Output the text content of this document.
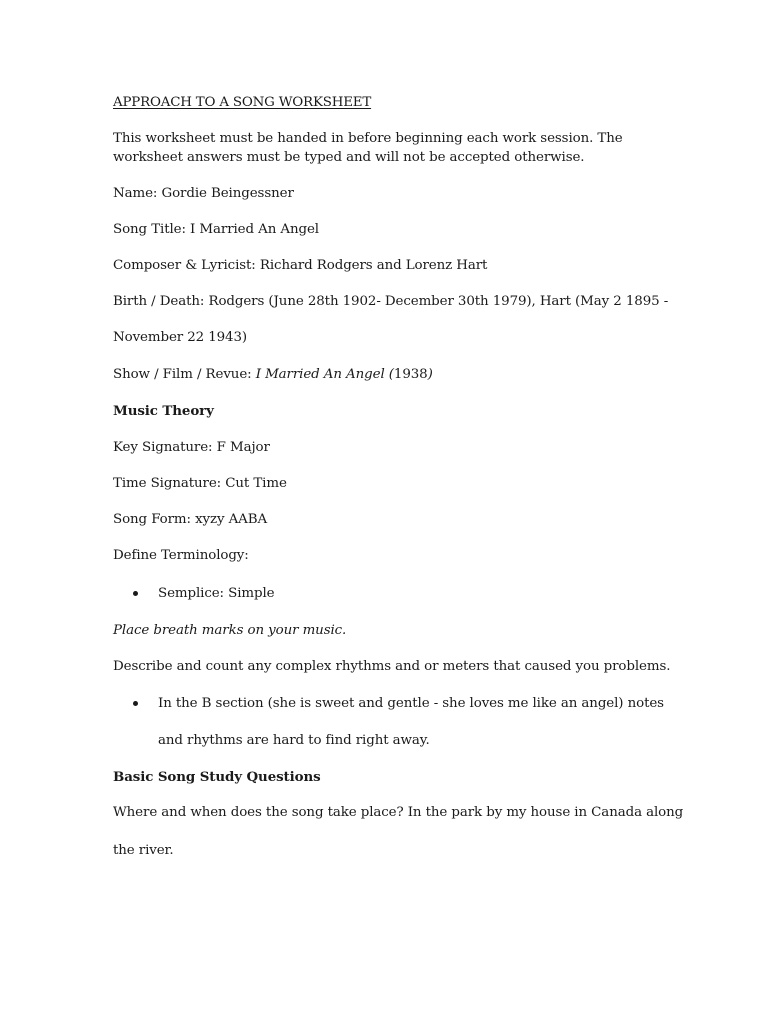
APPROACH TO A SONG WORKSHEET
This worksheet must be handed in before beginning each work session. The
worksheet answers must be typed and will not be accepted otherwise.
Name: Gordie Beingessner
Song Title: I Married An Angel
Composer & Lyricist: Richard Rodgers and Lorenz Hart
Birth / Death: Rodgers (June 28th 1902- December 30th 1979), Hart (May 2 1895 -
November 22 1943)
Show / Film / Revue: I Married An Angel (1938)
Music Theory
Key Signature: F Major
Time Signature: Cut Time
Song Form: xyzy AABA
Define Terminology:
Semplice: Simple
Place breath marks on your music.
Describe and count any complex rhythms and or meters that caused you problems.
In the B section (she is sweet and gentle - she loves me like an angel) notes
and rhythms are hard to find right away.
Basic Song Study Questions
Where and when does the song take place? In the park by my house in Canada along
the river.
